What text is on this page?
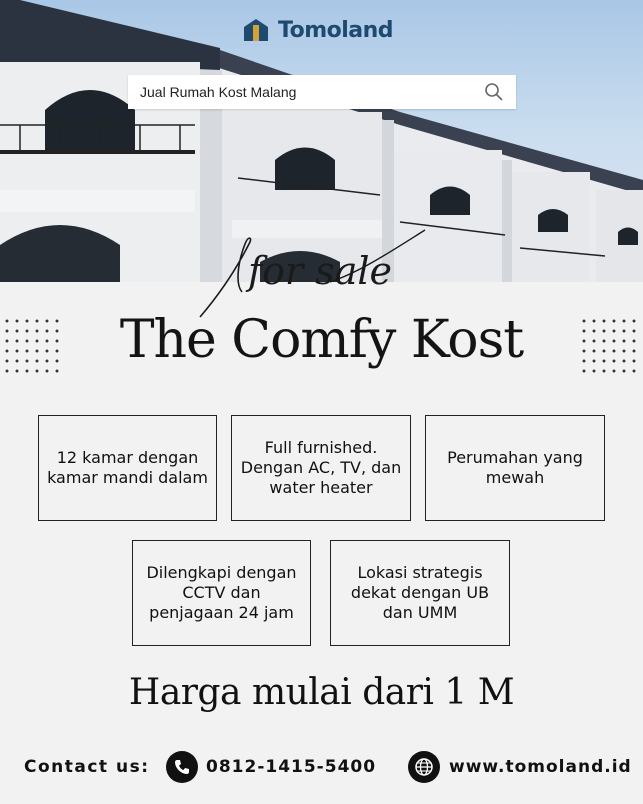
Tomoland
Jual Rumah Kost Malang
for sale
The Comfy Kost
12 kamar dengan kamar mandi dalam
Full furnished. Dengan AC, TV, dan water heater
Perumahan yang mewah
Dilengkapi dengan CCTV dan penjagaan 24 jam
Lokasi strategis dekat dengan UB dan UMM
Harga mulai dari 1 M
Contact us:	0812-1415-5400	www.tomoland.id
